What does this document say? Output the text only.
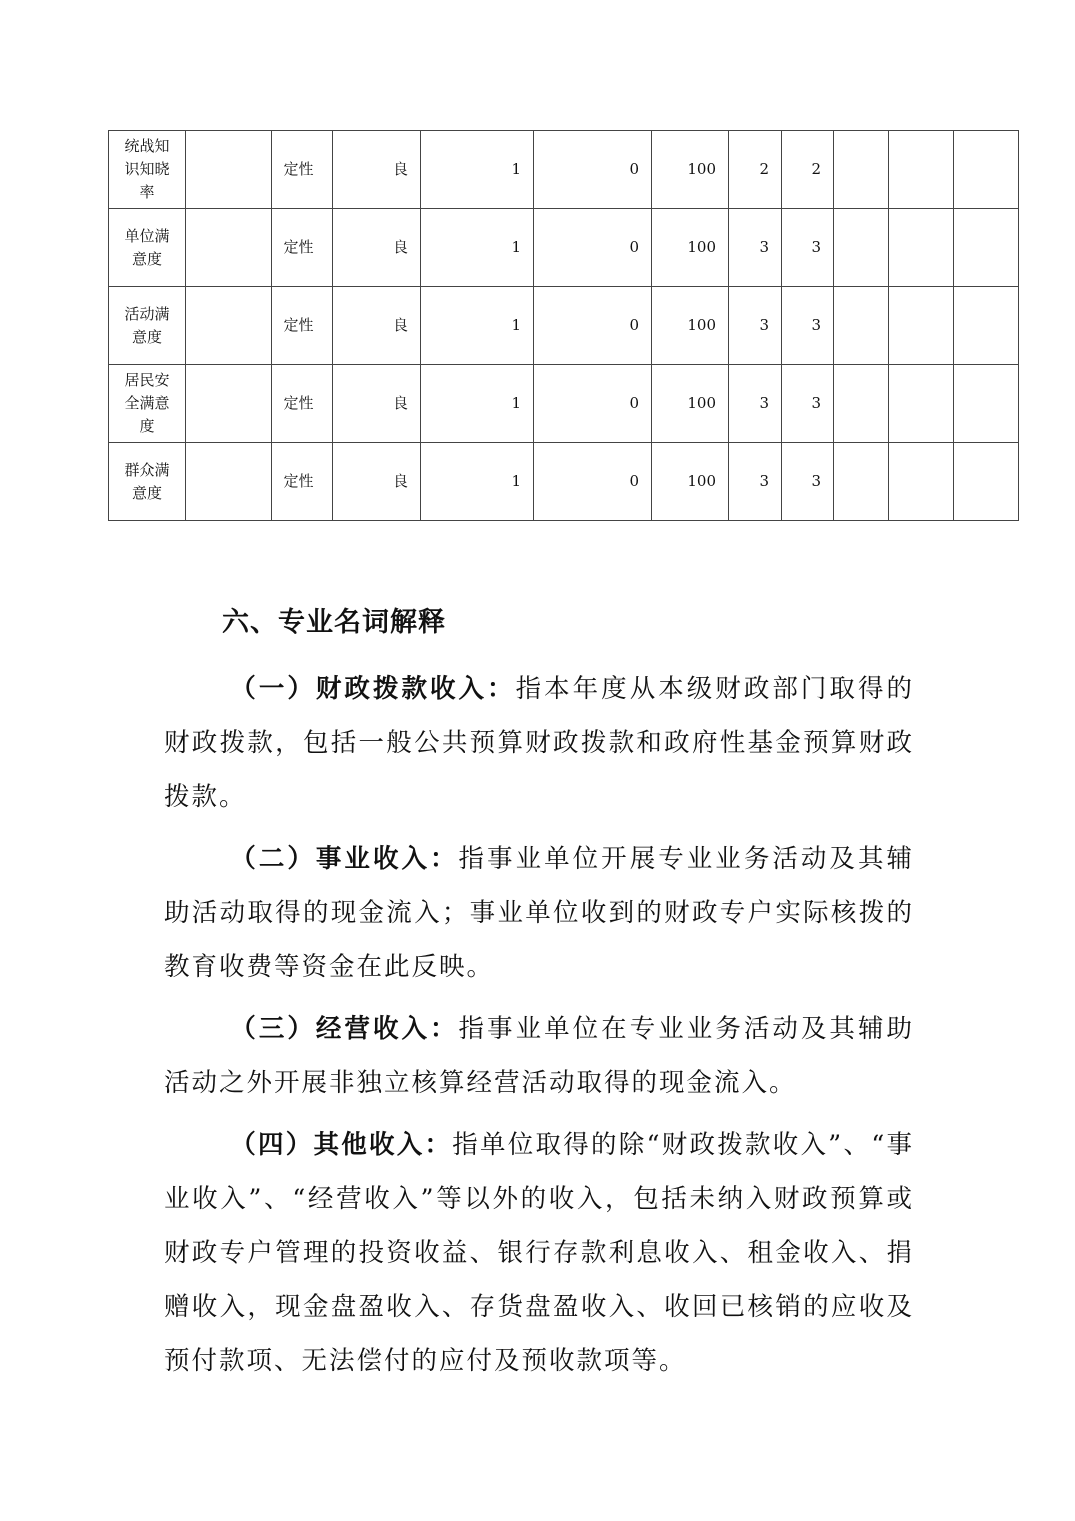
统战知识知晓率		定性	良	1	0	100	2	2			
单位满意度		定性	良	1	0	100	3	3			
活动满意度		定性	良	1	0	100	3	3			
居民安全满意度		定性	良	1	0	100	3	3			
群众满意度		定性	良	1	0	100	3	3			
六、专业名词解释

（一）财政拨款收入：指本年度从本级财政部门取得的财政拨款，包括一般公共预算财政拨款和政府性基金预算财政拨款。

（二）事业收入：指事业单位开展专业业务活动及其辅助活动取得的现金流入；事业单位收到的财政专户实际核拨的教育收费等资金在此反映。

（三）经营收入：指事业单位在专业业务活动及其辅助活动之外开展非独立核算经营活动取得的现金流入。

（四）其他收入：指单位取得的除“财政拨款收入”、“事业收入”、“经营收入”等以外的收入，包括未纳入财政预算或财政专户管理的投资收益、银行存款利息收入、租金收入、捐赠收入，现金盘盈收入、存货盘盈收入、收回已核销的应收及预付款项、无法偿付的应付及预收款项等。
